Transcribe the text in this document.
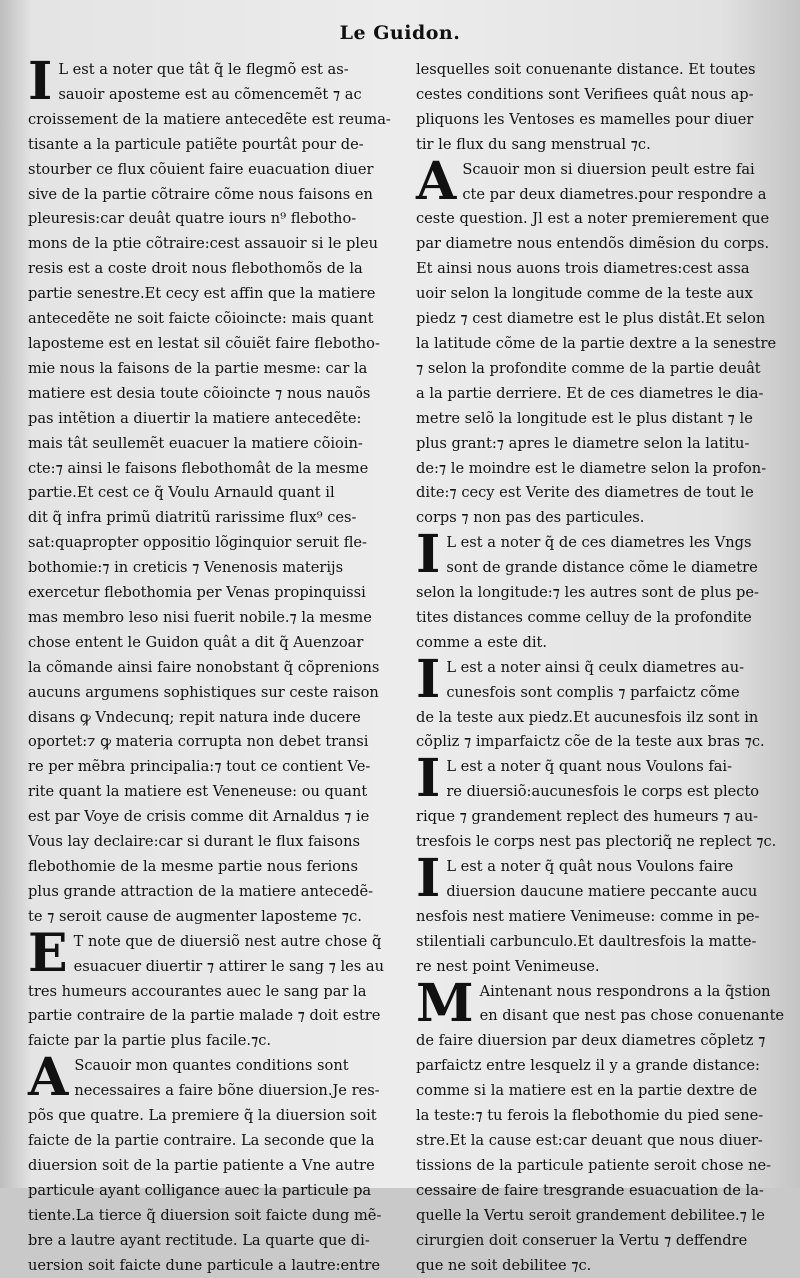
Le Guidon.
I L est a noter que tât q̃ le flegmõ est as-
sauoir aposteme est au cõmencemẽt ⁊ ac
croissement de la matiere antecedẽte est reuma-
tisante a la particule patiẽte pourtât pour de-
stourber ce flux cõuient faire euacuation diuer
sive de la partie cõtraire cõme nous faisons en
pleuresis:car deuât quatre iours n⁹ flebotho-
mons de la ptie cõtraire:cest assauoir si le pleu
resis est a coste droit nous flebothomõs de la
partie senestre.Et cecy est affin que la matiere
antecedẽte ne soit faicte cõioincte: mais quant
laposteme est en lestat sil cõuiẽt faire flebotho-
mie nous la faisons de la partie mesme: car la
matiere est desia toute cõioincte ⁊ nous nauõs
pas intẽtion a diuertir la matiere antecedẽte:
mais tât seullemẽt euacuer la matiere cõioin-
cte:⁊ ainsi le faisons flebothomât de la mesme
partie.Et cest ce q̃ Voulu Arnauld quant il
dit q̃ infra primũ diatritũ rarissime flux⁹ ces-
sat:quapropter oppositio lõginquior seruit fle-
bothomie:⁊ in creticis ⁊ Venenosis materijs
exercetur flebothomia per Venas propinquissi
mas membro leso nisi fuerit nobile.⁊ la mesme
chose entent le Guidon quât a dit q̃ Auenzoar
la cõmande ainsi faire nonobstant q̃ cõprenions
aucuns argumens sophistiques sur ceste raison
disans ꝙ Vndecunq; repit natura inde ducere
oportet:⁊ ꝙ materia corrupta non debet transi
re per mẽbra principalia:⁊ tout ce contient Ve-
rite quant la matiere est Veneneuse: ou quant
est par Voye de crisis comme dit Arnaldus ⁊ ie
Vous lay declaire:car si durant le flux faisons
flebothomie de la mesme partie nous ferions
plus grande attraction de la matiere antecedẽ-
te ⁊ seroit cause de augmenter laposteme ⁊c.
E T note que de diuersiõ nest autre chose q̃
esuacuer diuertir ⁊ attirer le sang ⁊ les au
tres humeurs accourantes auec le sang par la
partie contraire de la partie malade ⁊ doit estre
faicte par la partie plus facile.⁊c.
A Scauoir mon quantes conditions sont
necessaires a faire bõne diuersion.Je res-
põs que quatre. La premiere q̃ la diuersion soit
faicte de la partie contraire. La seconde que la
diuersion soit de la partie patiente a Vne autre
particule ayant colligance auec la particule pa
tiente.La tierce q̃ diuersion soit faicte dung mẽ-
bre a lautre ayant rectitude. La quarte que di-
uersion soit faicte dune particule a lautre:entre
lesquelles soit conuenante distance. Et toutes
cestes conditions sont Verifiees quât nous ap-
pliquons les Ventoses es mamelles pour diuer
tir le flux du sang menstrual ⁊c.
A Scauoir mon si diuersion peult estre fai
cte par deux diametres.pour respondre a
ceste question. Jl est a noter premierement que
par diametre nous entendõs dimẽsion du corps.
Et ainsi nous auons trois diametres:cest assa
uoir selon la longitude comme de la teste aux
piedz ⁊ cest diametre est le plus distât.Et selon
la latitude cõme de la partie dextre a la senestre
⁊ selon la profondite comme de la partie deuât
a la partie derriere. Et de ces diametres le dia-
metre selõ la longitude est le plus distant ⁊ le
plus grant:⁊ apres le diametre selon la latitu-
de:⁊ le moindre est le diametre selon la profon-
dite:⁊ cecy est Verite des diametres de tout le
corps ⁊ non pas des particules.
I L est a noter q̃ de ces diametres les Vngs
sont de grande distance cõme le diametre
selon la longitude:⁊ les autres sont de plus pe-
tites distances comme celluy de la profondite
comme a este dit.
I L est a noter ainsi q̃ ceulx diametres au-
cunesfois sont complis ⁊ parfaictz cõme
de la teste aux piedz.Et aucunesfois ilz sont in
cõpliz ⁊ imparfaictz cõe de la teste aux bras ⁊c.
I L est a noter q̃ quant nous Voulons fai-
re diuersiõ:aucunesfois le corps est plecto
rique ⁊ grandement replect des humeurs ⁊ au-
tresfois le corps nest pas plectoriq̃ ne replect ⁊c.
I L est a noter q̃ quât nous Voulons faire
diuersion daucune matiere peccante aucu
nesfois nest matiere Venimeuse: comme in pe-
stilentiali carbunculo.Et daultresfois la matte-
re nest point Venimeuse.
M Aintenant nous respondrons a la q̃stion
en disant que nest pas chose conuenante
de faire diuersion par deux diametres cõpletz ⁊
parfaictz entre lesquelz il y a grande distance:
comme si la matiere est en la partie dextre de
la teste:⁊ tu ferois la flebothomie du pied sene-
stre.Et la cause est:car deuant que nous diuer-
tissions de la particule patiente seroit chose ne-
cessaire de faire tresgrande esuacuation de la-
quelle la Vertu seroit grandement debilitee.⁊ le
cirurgien doit conseruer la Vertu ⁊ deffendre
que ne soit debilitee ⁊c.
